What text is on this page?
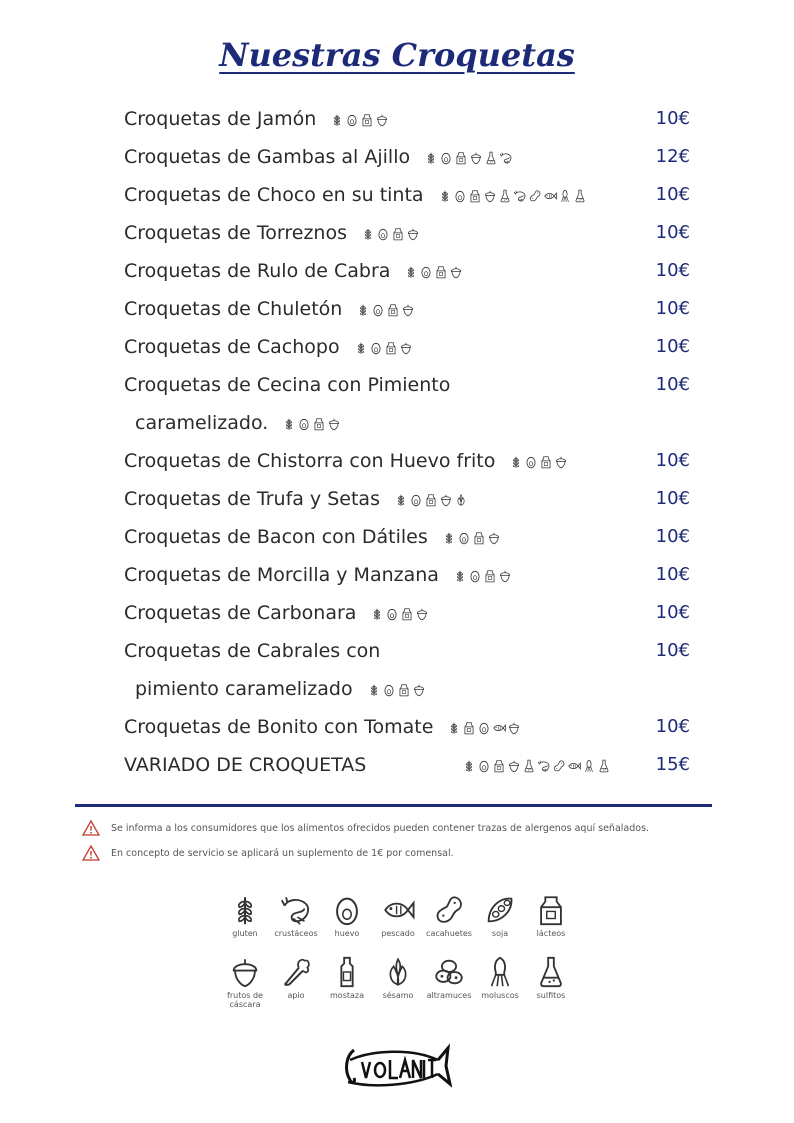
Nuestras Croquetas
Croquetas de Jamón	10€
Croquetas de Gambas al Ajillo	12€
Croquetas de Choco en su tinta	10€
Croquetas de Torreznos	10€
Croquetas de Rulo de Cabra	10€
Croquetas de Chuletón	10€
Croquetas de Cachopo	10€
Croquetas de Cecina con Pimiento	10€
caramelizado.
Croquetas de Chistorra con Huevo frito	10€
Croquetas de Trufa y Setas	10€
Croquetas de Bacon con Dátiles	10€
Croquetas de Morcilla y Manzana	10€
Croquetas de Carbonara	10€
Croquetas de Cabrales con	10€
pimiento caramelizado
Croquetas de Bonito con Tomate	10€
VARIADO DE CROQUETAS	15€
Se informa a los consumidores que los alimentos ofrecidos pueden contener trazas de alergenos aquí señalados.
En concepto de servicio se aplicará un suplemento de 1€ por comensal.
gluten	crustáceos	huevo	pescado	cacahuetes	soja	lácteos
frutos de cáscara
apio	mostaza	sésamo	altramuces	moluscos	sulfitos
